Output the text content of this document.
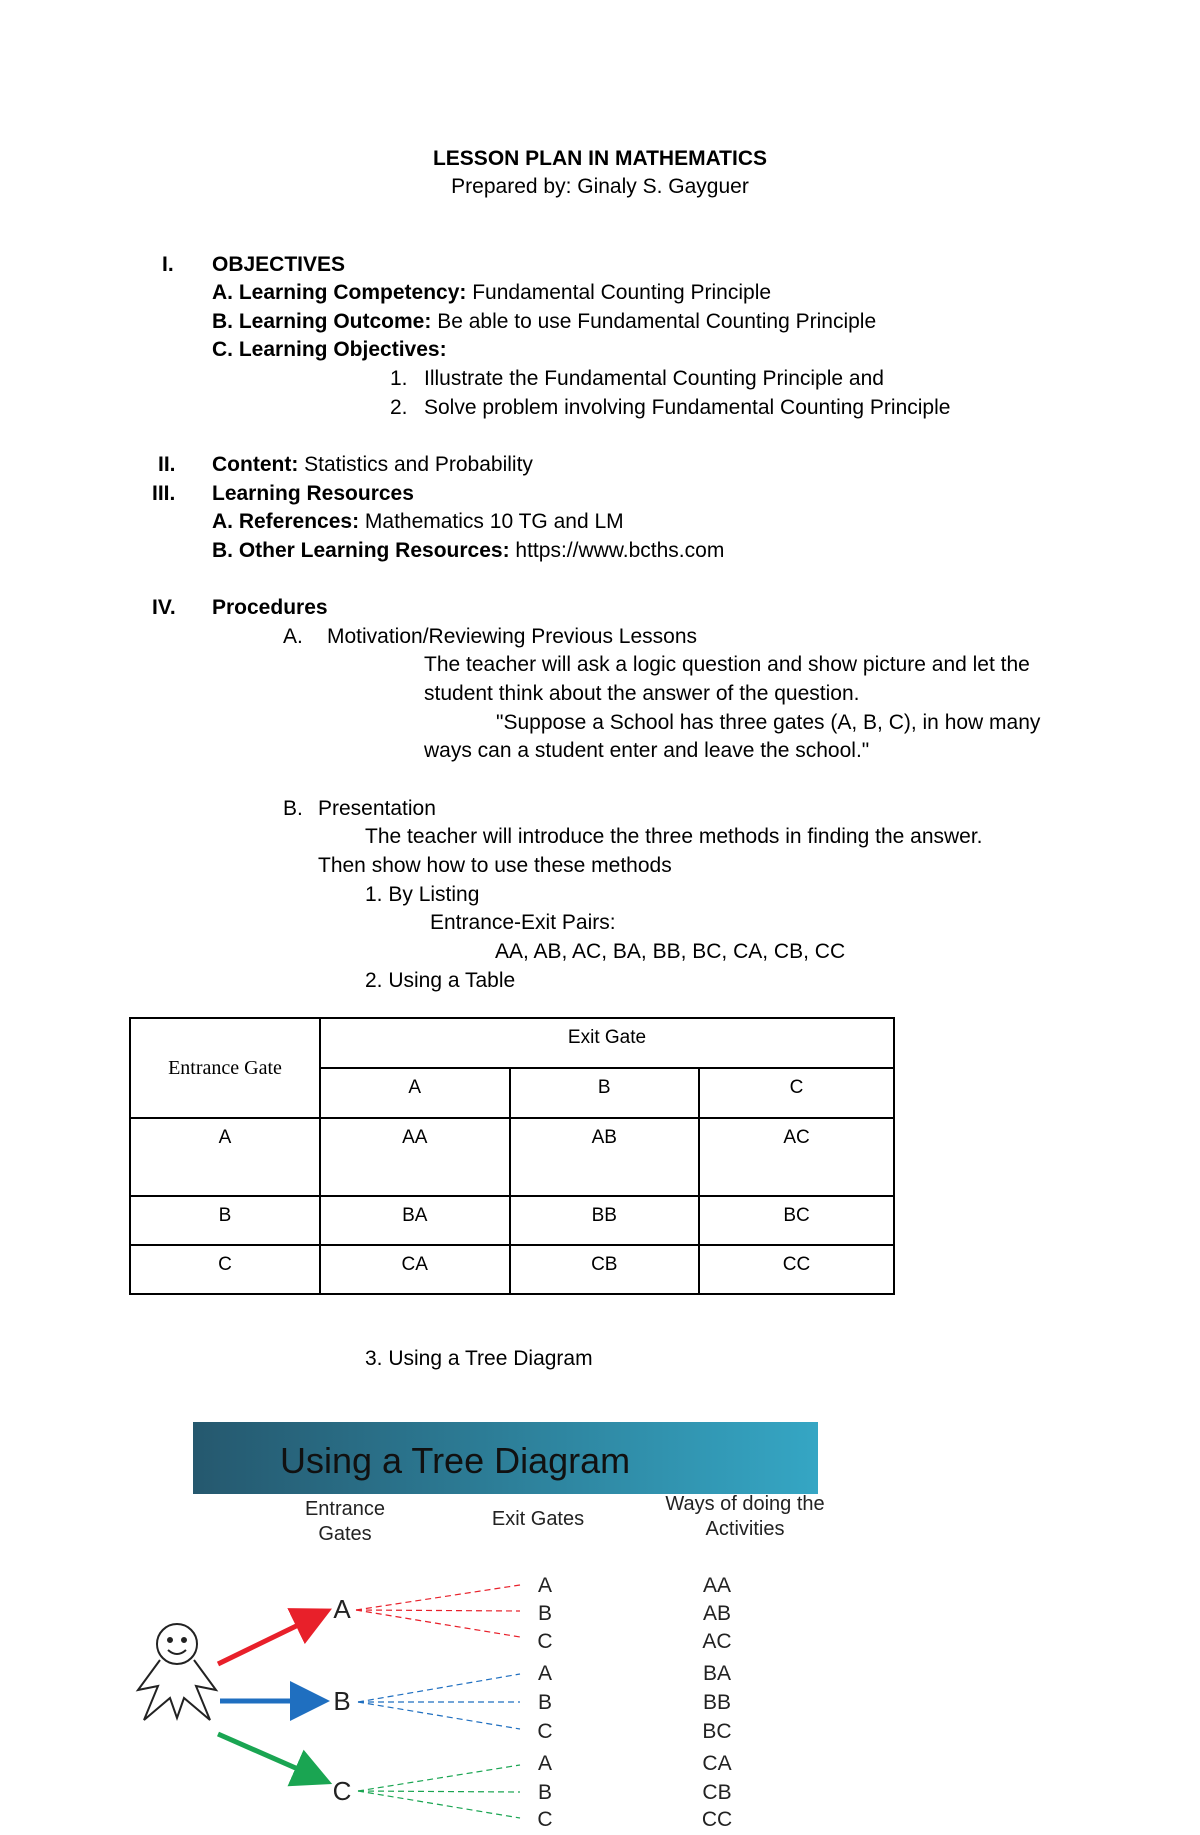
LESSON PLAN IN MATHEMATICS
Prepared by: Ginaly S. Gayguer
I. OBJECTIVES
A. Learning Competency: Fundamental Counting Principle
B. Learning Outcome: Be able to use Fundamental Counting Principle
C. Learning Objectives:
1. Illustrate the Fundamental Counting Principle and
2. Solve problem involving Fundamental Counting Principle
II. Content: Statistics and Probability
III. Learning Resources
A. References: Mathematics 10 TG and LM
B. Other Learning Resources: https://www.bcths.com
IV. Procedures
A. Motivation/Reviewing Previous Lessons
The teacher will ask a logic question and show picture and let the
student think about the answer of the question.
"Suppose a School has three gates (A, B, C), in how many
ways can a student enter and leave the school."
B. Presentation
The teacher will introduce the three methods in finding the answer.
Then show how to use these methods
1. By Listing
Entrance-Exit Pairs:
AA, AB, AC, BA, BB, BC, CA, CB, CC
2. Using a Table
Entrance Gate	Exit Gate		
	A	B	C
A	AA	AB	AC
B	BA	BB	BC
C	CA	CB	CC
3. Using a Tree Diagram
Using a Tree Diagram
Entrance
Gates
Exit Gates
Ways of doing the
Activities
A
B
C
A
B
C
A
B
C
A
B
C
AA
AB
AC
BA
BB
BC
CA
CB
CC
